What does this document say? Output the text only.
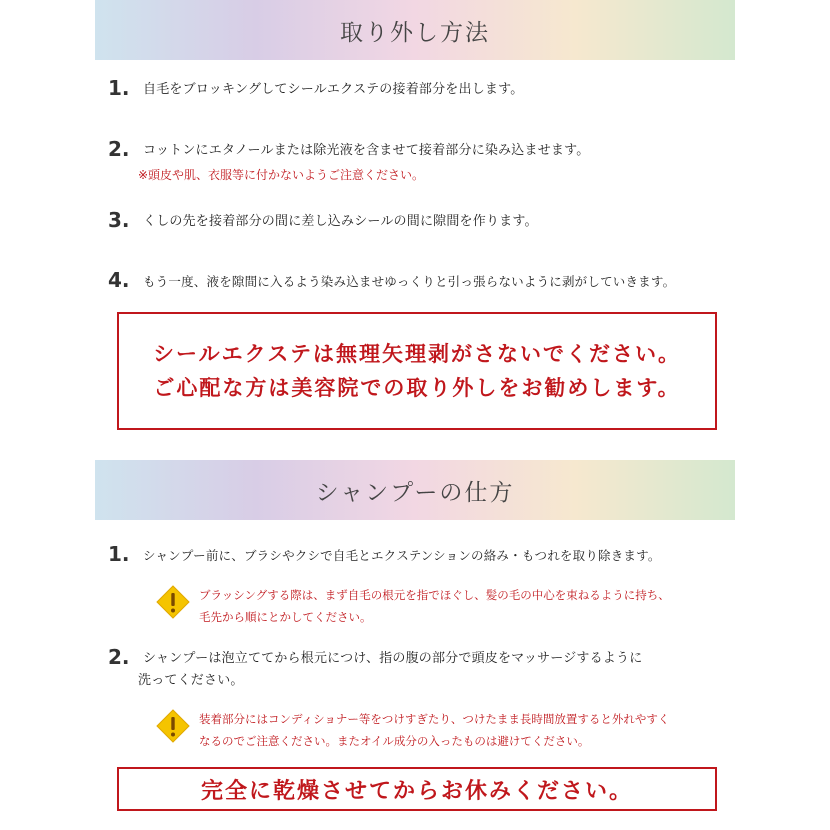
取り外し方法
1. 自毛をブロッキングしてシールエクステの接着部分を出します。
2. コットンにエタノールまたは除光液を含ませて接着部分に染み込ませます。
※頭皮や肌、衣服等に付かないようご注意ください。
3. くしの先を接着部分の間に差し込みシールの間に隙間を作ります。
4. もう一度、液を隙間に入るよう染み込ませゆっくりと引っ張らないように剥がしていきます。
シールエクステは無理矢理剥がさないでください。
ご心配な方は美容院での取り外しをお勧めします。
シャンプーの仕方
1. シャンプー前に、ブラシやクシで自毛とエクステンションの絡み・もつれを取り除きます。
ブラッシングする際は、まず自毛の根元を指でほぐし、髪の毛の中心を束ねるように持ち、
毛先から順にとかしてください。
2. シャンプーは泡立ててから根元につけ、指の腹の部分で頭皮をマッサージするように
洗ってください。
装着部分にはコンディショナー等をつけすぎたり、つけたまま長時間放置すると外れやすく
なるのでご注意ください。またオイル成分の入ったものは避けてください。
完全に乾燥させてからお休みください。
